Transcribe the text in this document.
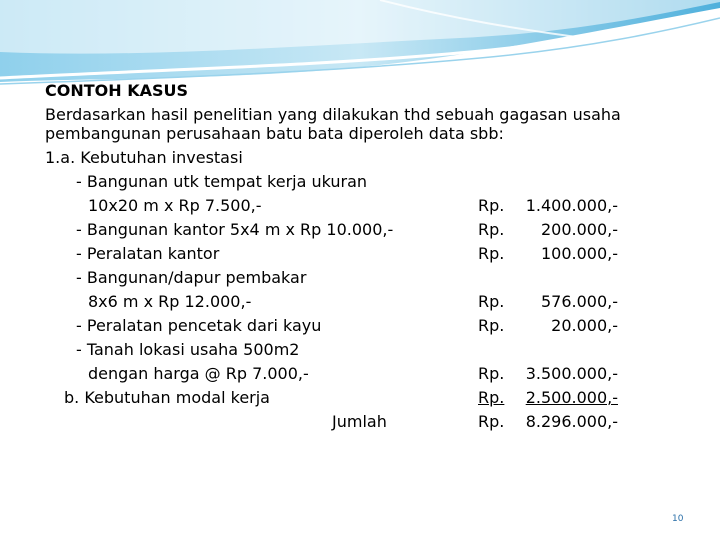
CONTOH KASUS
Berdasarkan hasil penelitian yang dilakukan thd sebuah gagasan usaha
pembangunan perusahaan batu bata diperoleh data sbb:
1.a. Kebutuhan investasi
- Bangunan utk tempat kerja ukuran
10x20 m x Rp 7.500,-
- Bangunan kantor 5x4 m x Rp 10.000,-
- Peralatan kantor
- Bangunan/dapur pembakar
8x6 m x Rp 12.000,-
- Peralatan pencetak dari kayu
- Tanah lokasi usaha 500m2
dengan harga @ Rp 7.000,-
b. Kebutuhan modal kerja
Jumlah
Rp.
Rp.
Rp.
Rp.
Rp.
Rp.
Rp.
Rp.
1.400.000,-
200.000,-
100.000,-
576.000,-
20.000,-
3.500.000,-
2.500.000,-
8.296.000,-
10
